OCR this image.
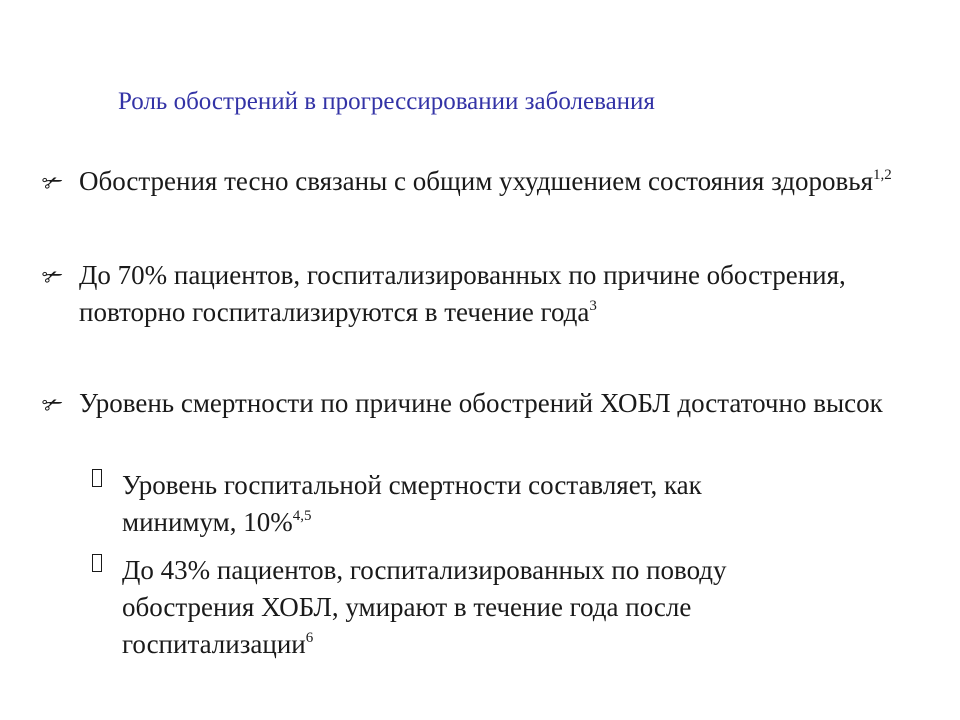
Роль обострений в прогрессировании заболевания
✃ Обострения тесно связаны с общим ухудшением состояния здоровья$^{1,2}$
✃ До 70% пациентов, госпитализированных по причине обострения, повторно госпитализируются в течение года$^3$
✃ Уровень смертности по причине обострений ХОБЛ достаточно высок
Уровень госпитальной смертности составляет, как минимум, 10%$^{4,5}$
До 43% пациентов, госпитализированных по поводу обострения ХОБЛ, умирают в течение года после госпитализации$^6$
